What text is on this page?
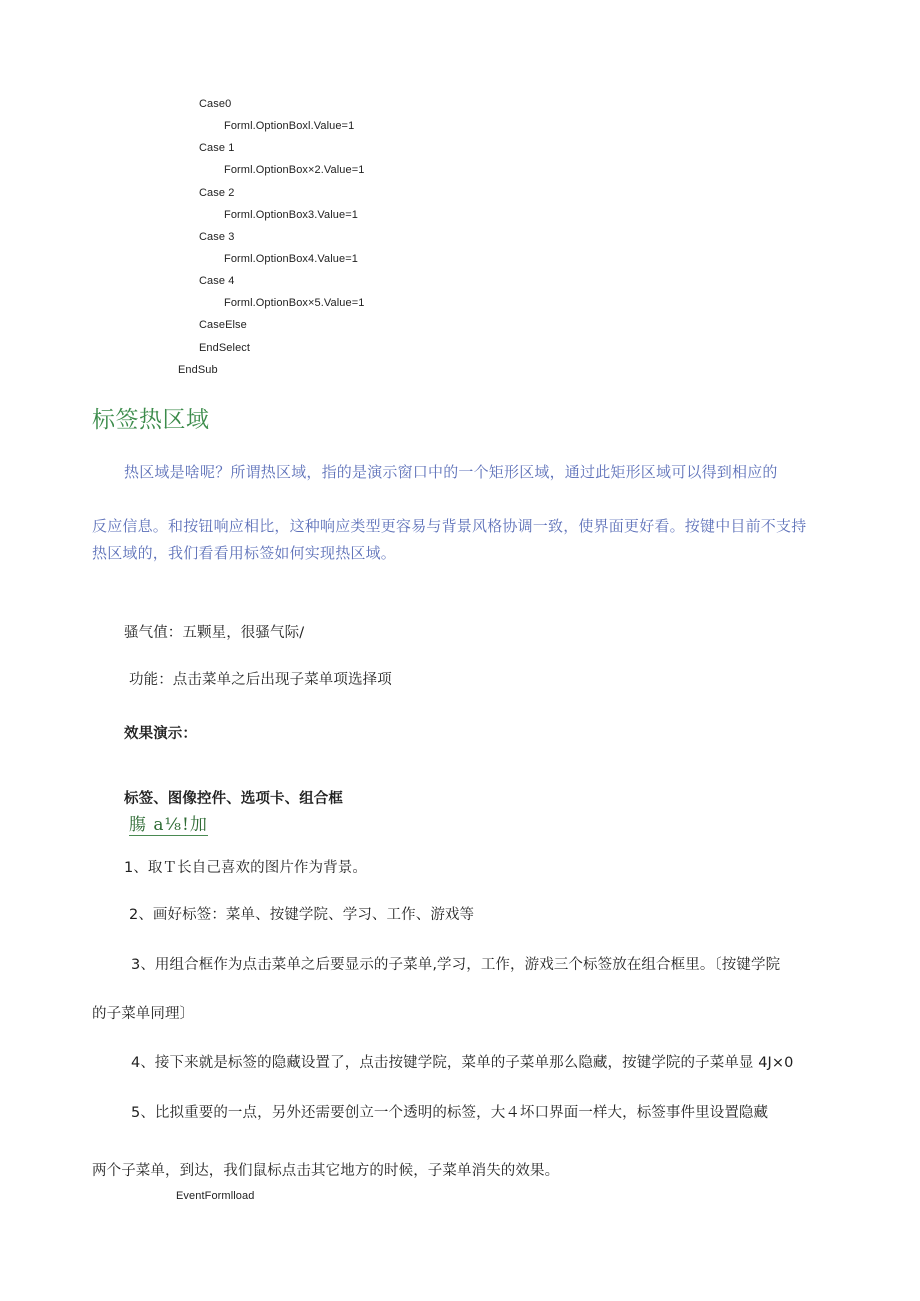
Case0
Forml.OptionBoxl.Value=1
Case 1
Forml.OptionBox×2.Value=1
Case 2
Forml.OptionBox3.Value=1
Case 3
Forml.OptionBox4.Value=1
Case 4
Forml.OptionBox×5.Value=1
CaseElse
EndSelect
EndSub
标签热区域
热区域是啥呢？所谓热区域，指的是演示窗口中的一个矩形区域，通过此矩形区域可以得到相应的
反应信息。和按钮响应相比，这种响应类型更容易与背景风格协调一致，使界面更好看。按键中目前不支持
热区域的，我们看看用标签如何实现热区域。
骚气值：五颗星，很骚气际/
功能：点击菜单之后出现子菜单项选择项
效果演示：
标签、图像控件、选项卡、组合框
膓 a⅛!加
1、取Ｔ长自己喜欢的图片作为背景。
2、画好标签：菜单、按键学院、学习、工作、游戏等
3、用组合框作为点击菜单之后要显示的子菜单,学习，工作，游戏三个标签放在组合框里。〔按键学院
的子菜单同理〕
4、接下来就是标签的隐藏设置了，点击按键学院，菜单的子菜单那么隐藏，按键学院的子菜单显 4J×0
5、比拟重要的一点，另外还需要创立一个透明的标签，大４坏口界面一样大，标签事件里设置隐藏
两个子菜单，到达，我们鼠标点击其它地方的时候，子菜单消失的效果。
EventFormlload
